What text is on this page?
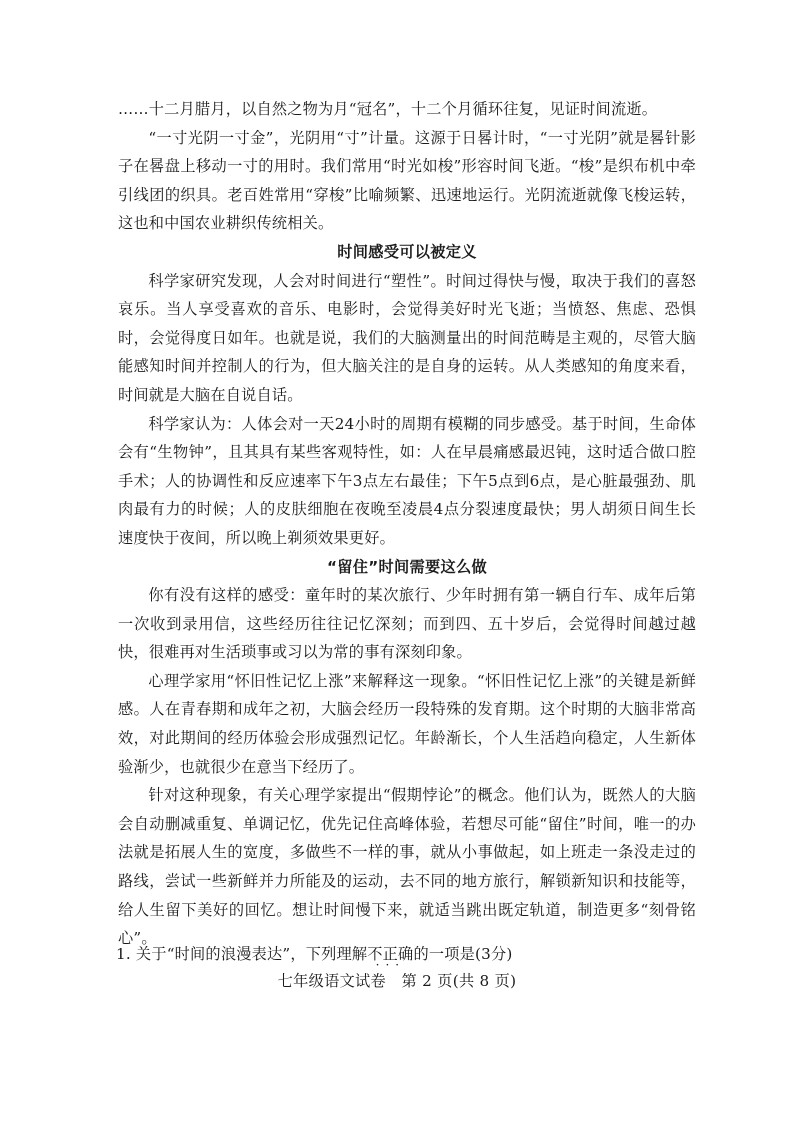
……十二月腊月，以自然之物为月“冠名”，十二个月循环往复，见证时间流逝。

“一寸光阴一寸金”，光阴用“寸”计量。这源于日晷计时，“一寸光阴”就是晷针影子在晷盘上移动一寸的用时。我们常用“时光如梭”形容时间飞逝。“梭”是织布机中牵引线团的织具。老百姓常用“穿梭”比喻频繁、迅速地运行。光阴流逝就像飞梭运转，这也和中国农业耕织传统相关。

时间感受可以被定义

科学家研究发现，人会对时间进行“塑性”。时间过得快与慢，取决于我们的喜怒哀乐。当人享受喜欢的音乐、电影时，会觉得美好时光飞逝；当愤怒、焦虑、恐惧时，会觉得度日如年。也就是说，我们的大脑测量出的时间范畴是主观的，尽管大脑能感知时间并控制人的行为，但大脑关注的是自身的运转。从人类感知的角度来看，时间就是大脑在自说自话。

科学家认为：人体会对一天24小时的周期有模糊的同步感受。基于时间，生命体会有“生物钟”，且其具有某些客观特性，如：人在早晨痛感最迟钝，这时适合做口腔手术；人的协调性和反应速率下午3点左右最佳；下午5点到6点，是心脏最强劲、肌肉最有力的时候；人的皮肤细胞在夜晚至凌晨4点分裂速度最快；男人胡须日间生长速度快于夜间，所以晚上剃须效果更好。

“留住”时间需要这么做

你有没有这样的感受：童年时的某次旅行、少年时拥有第一辆自行车、成年后第一次收到录用信，这些经历往往记忆深刻；而到四、五十岁后，会觉得时间越过越快，很难再对生活琐事或习以为常的事有深刻印象。

心理学家用“怀旧性记忆上涨”来解释这一现象。“怀旧性记忆上涨”的关键是新鲜感。人在青春期和成年之初，大脑会经历一段特殊的发育期。这个时期的大脑非常高效，对此期间的经历体验会形成强烈记忆。年龄渐长，个人生活趋向稳定，人生新体验渐少，也就很少在意当下经历了。

针对这种现象，有关心理学家提出“假期悖论”的概念。他们认为，既然人的大脑会自动删减重复、单调记忆，优先记住高峰体验，若想尽可能“留住”时间，唯一的办法就是拓展人生的宽度，多做些不一样的事，就从小事做起，如上班走一条没走过的路线，尝试一些新鲜并力所能及的运动，去不同的地方旅行，解锁新知识和技能等，给人生留下美好的回忆。想让时间慢下来，就适当跳出既定轨道，制造更多“刻骨铭心”。

1. 关于“时间的浪漫表达”，下列理解不正确 ···的一项是(3分)

七年级语文试卷　第 2 页(共 8 页)
